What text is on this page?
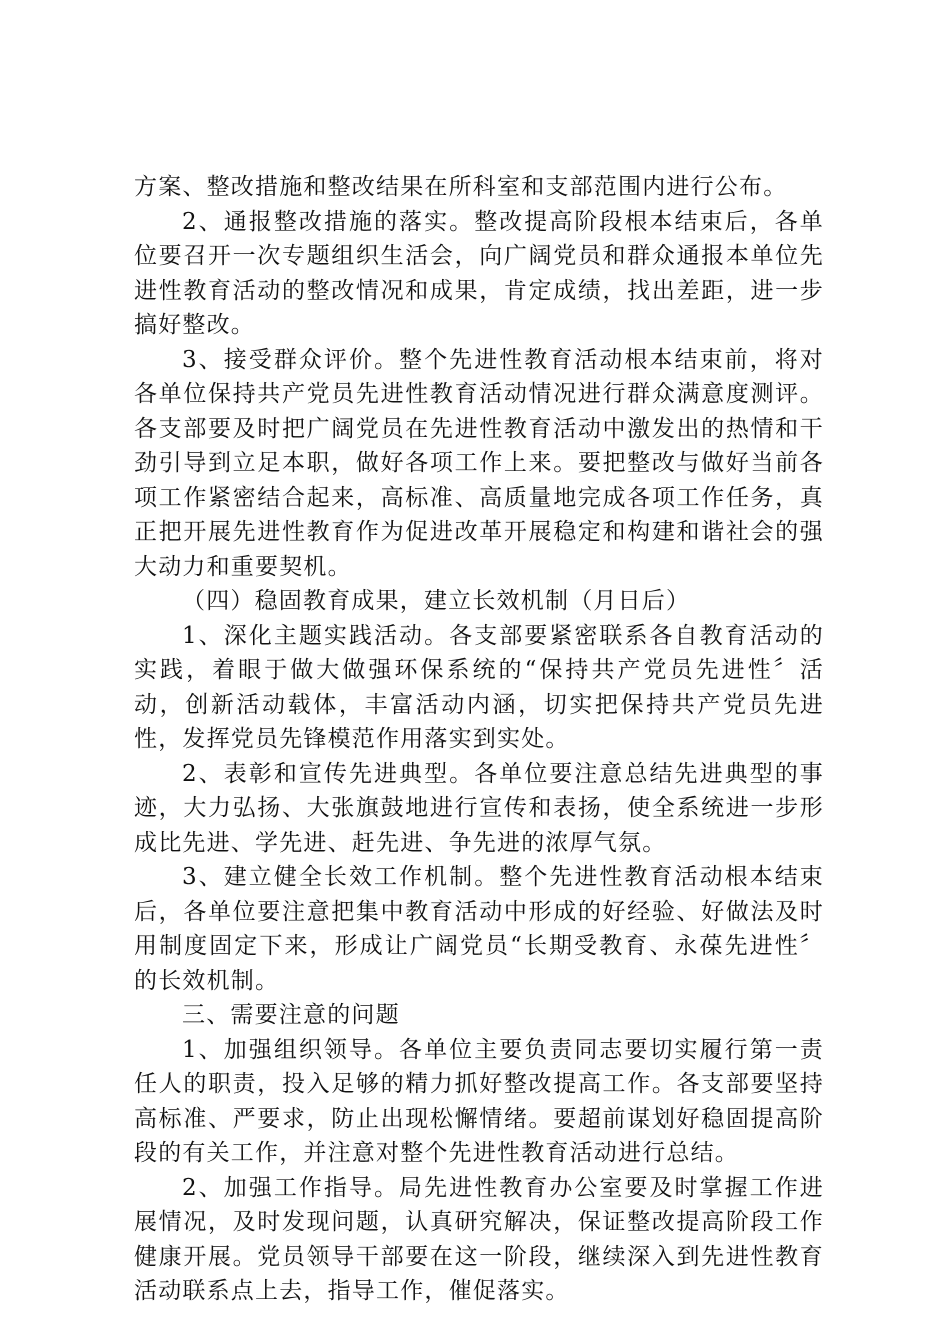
方案、整改措施和整改结果在所科室和支部范围内进行公布。

2、通报整改措施的落实。整改提高阶段根本结束后，各单位要召开一次专题组织生活会，向广阔党员和群众通报本单位先进性教育活动的整改情况和成果，肯定成绩，找出差距，进一步搞好整改。

3、接受群众评价。整个先进性教育活动根本结束前，将对各单位保持共产党员先进性教育活动情况进行群众满意度测评。各支部要及时把广阔党员在先进性教育活动中激发出的热情和干劲引导到立足本职，做好各项工作上来。要把整改与做好当前各项工作紧密结合起来，高标准、高质量地完成各项工作任务，真正把开展先进性教育作为促进改革开展稳定和构建和谐社会的强大动力和重要契机。

（四）稳固教育成果，建立长效机制（月日后）

1、深化主题实践活动。各支部要紧密联系各自教育活动的实践，着眼于做大做强环保系统的“保持共产党员先进性〞活动，创新活动载体，丰富活动内涵，切实把保持共产党员先进性，发挥党员先锋模范作用落实到实处。

2、表彰和宣传先进典型。各单位要注意总结先进典型的事迹，大力弘扬、大张旗鼓地进行宣传和表扬，使全系统进一步形成比先进、学先进、赶先进、争先进的浓厚气氛。

3、建立健全长效工作机制。整个先进性教育活动根本结束后，各单位要注意把集中教育活动中形成的好经验、好做法及时用制度固定下来，形成让广阔党员“长期受教育、永葆先进性〞的长效机制。

三、需要注意的问题

1、加强组织领导。各单位主要负责同志要切实履行第一责任人的职责，投入足够的精力抓好整改提高工作。各支部要坚持高标准、严要求，防止出现松懈情绪。要超前谋划好稳固提高阶段的有关工作，并注意对整个先进性教育活动进行总结。

2、加强工作指导。局先进性教育办公室要及时掌握工作进展情况，及时发现问题，认真研究解决，保证整改提高阶段工作健康开展。党员领导干部要在这一阶段，继续深入到先进性教育活动联系点上去，指导工作，催促落实。
